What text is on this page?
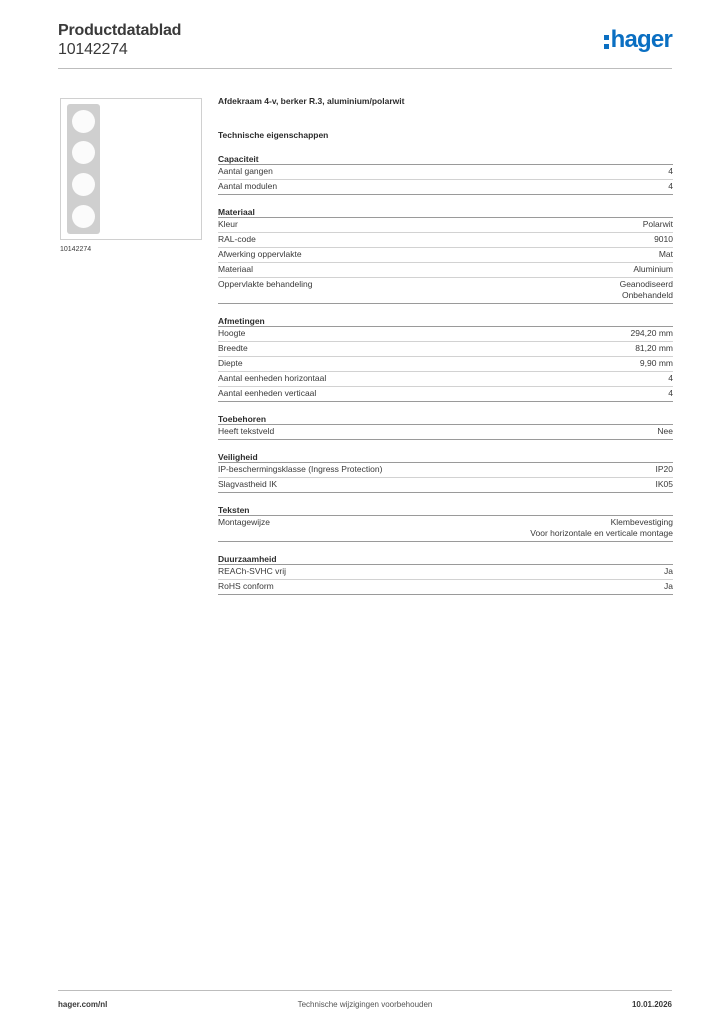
Productdatablad
10142274	hager
10142274
Afdekraam 4-v, berker R.3, aluminium/polarwit
Technische eigenschappen
Capaciteit
Aantal gangen	4
Aantal modulen	4
Materiaal
Kleur	Polarwit
RAL-code	9010
Afwerking oppervlakte	Mat
Materiaal	Aluminium
Oppervlakte behandeling	Geanodiseerd
Onbehandeld
Afmetingen
Hoogte	294,20 mm
Breedte	81,20 mm
Diepte	9,90 mm
Aantal eenheden horizontaal	4
Aantal eenheden verticaal	4
Toebehoren
Heeft tekstveld	Nee
Veiligheid
IP-beschermingsklasse (Ingress Protection)	IP20
Slagvastheid IK	IK05
Teksten
Montagewijze	Klembevestiging
Voor horizontale en verticale montage
Duurzaamheid
REACh-SVHC vrij	Ja
RoHS conform	Ja
hager.com/nl	Technische wijzigingen voorbehouden	10.01.2026
